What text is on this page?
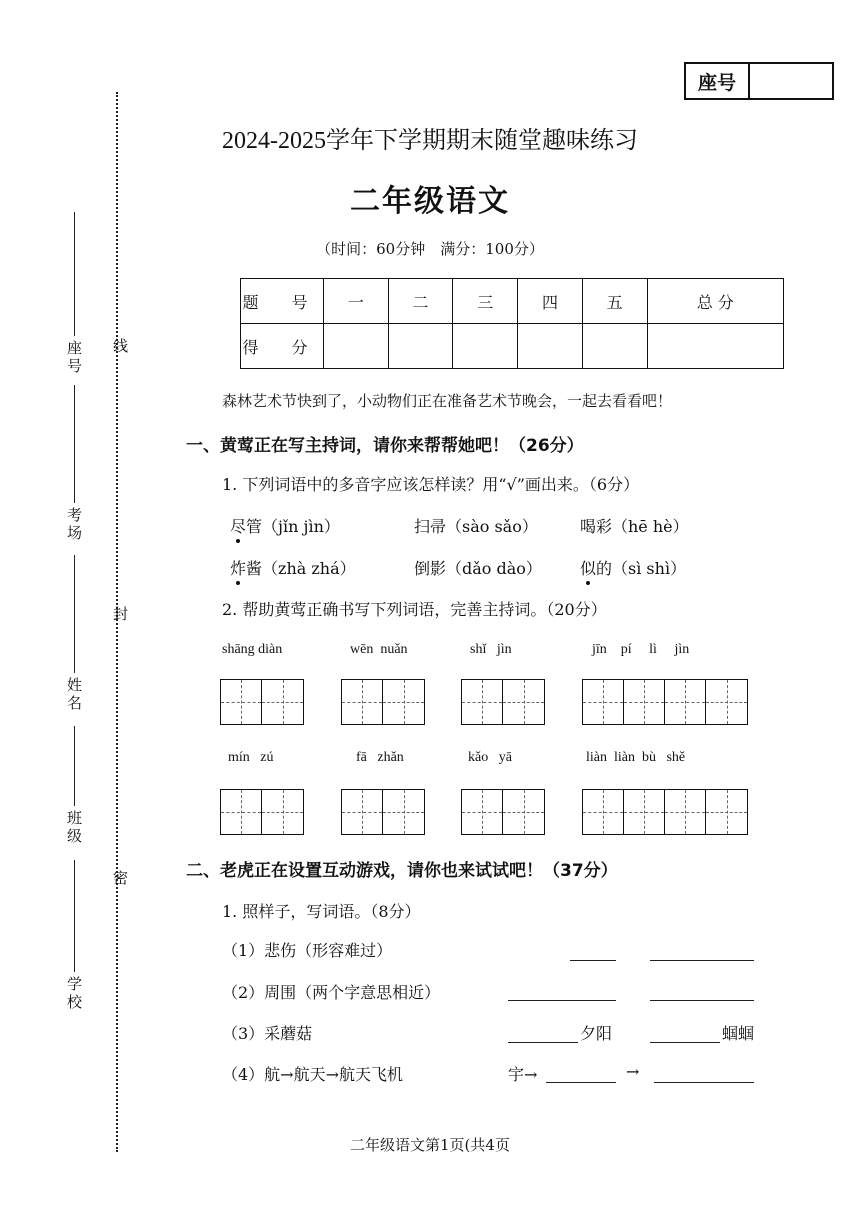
座号
线
封
密
座号
考场
姓名
班级
学校
2024-2025学年下学期期末随堂趣味练习
二年级语文
（时间：60分钟　满分：100分）
题 号	一	二	三	四	五	总 分
得 分						
森林艺术节快到了，小动物们正在准备艺术节晚会，一起去看看吧！
一、黄莺正在写主持词，请你来帮帮她吧！（26分）
1. 下列词语中的多音字应该怎样读？用“√”画出来。（6分）
尽管（jǐn jìn）	扫帚（sào sǎo）	喝彩（hē hè）
炸酱（zhà zhá）	倒影（dǎo dào） 似的（sì shì）
2. 帮助黄莺正确书写下列词语，完善主持词。（20分）
shāng diàn	wēn  nuǎn	shǐ   jìn	jīn    pí     lì     jìn
mín   zú	fā   zhǎn	kǎo   yā	liàn  liàn  bù   shě
二、老虎正在设置互动游戏，请你也来试试吧！（37分）
1. 照样子，写词语。（8分）
（1）悲伤（形容难过）
（2）周围（两个字意思相近）
（3）采蘑菇	夕阳	蝈蝈
（4）航→航天→航天飞机	宇→	→
二年级语文第1页(共4页
